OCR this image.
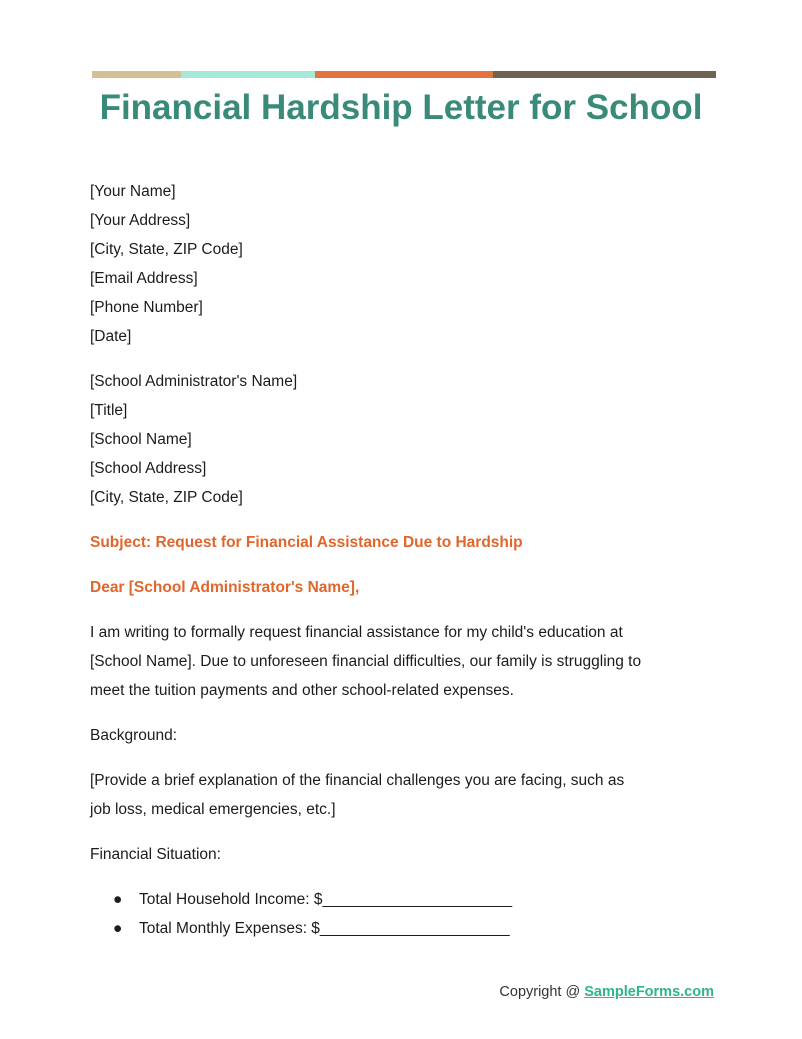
Financial Hardship Letter for School
[Your Name]
[Your Address]
[City, State, ZIP Code]
[Email Address]
[Phone Number]
[Date]
[School Administrator's Name]
[Title]
[School Name]
[School Address]
[City, State, ZIP Code]
Subject: Request for Financial Assistance Due to Hardship
Dear [School Administrator's Name],
I am writing to formally request financial assistance for my child's education at
[School Name]. Due to unforeseen financial difficulties, our family is struggling to
meet the tuition payments and other school-related expenses.
Background:
[Provide a brief explanation of the financial challenges you are facing, such as
job loss, medical emergencies, etc.]
Financial Situation:
● Total Household Income: $______________________
● Total Monthly Expenses: $______________________
Copyright @ SampleForms.com
